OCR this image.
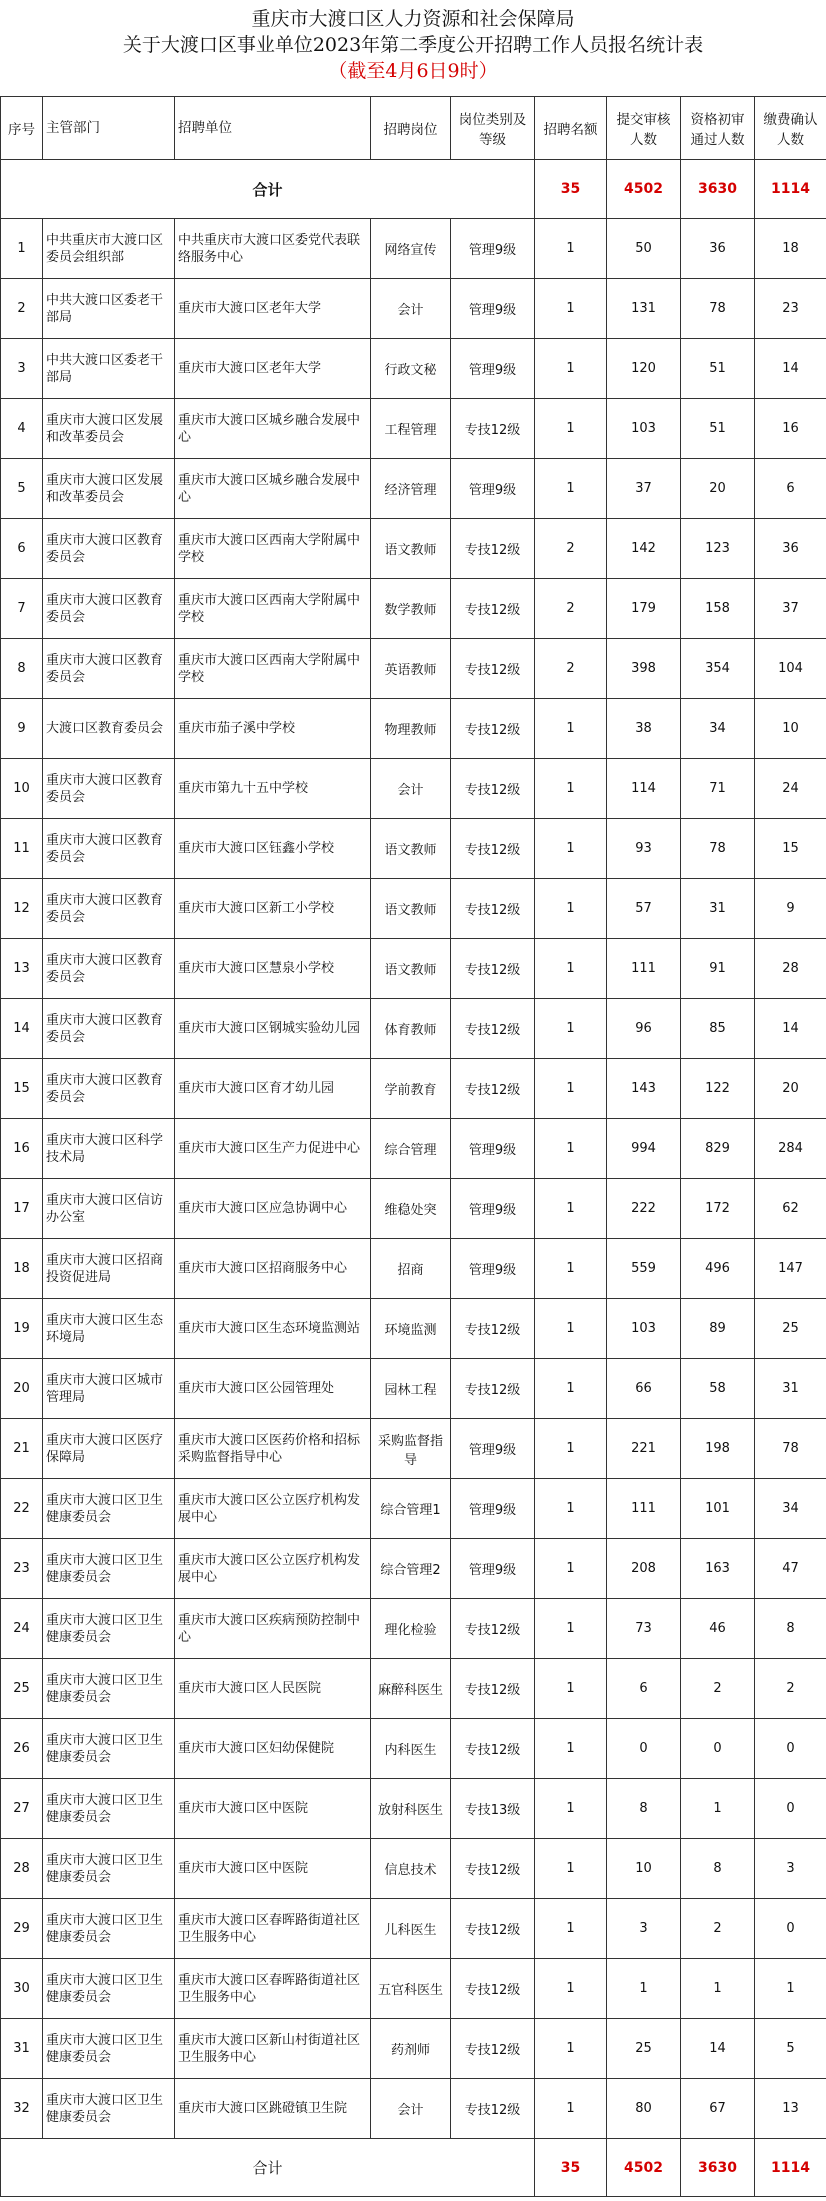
重庆市大渡口区人力资源和社会保障局
关于大渡口区事业单位2023年第二季度公开招聘工作人员报名统计表
（截至4月6日9时）
序号	主管部门	招聘单位	招聘岗位	岗位类别及等级	招聘名额	提交审核人数	资格初审通过人数	缴费确认人数
合计					35	4502	3630	1114
1	中共重庆市大渡口区委员会组织部	中共重庆市大渡口区委党代表联络服务中心	网络宣传	管理9级	1	50	36	18
2	中共大渡口区委老干部局	重庆市大渡口区老年大学	会计	管理9级	1	131	78	23
3	中共大渡口区委老干部局	重庆市大渡口区老年大学	行政文秘	管理9级	1	120	51	14
4	重庆市大渡口区发展和改革委员会	重庆市大渡口区城乡融合发展中心	工程管理	专技12级	1	103	51	16
5	重庆市大渡口区发展和改革委员会	重庆市大渡口区城乡融合发展中心	经济管理	管理9级	1	37	20	6
6	重庆市大渡口区教育委员会	重庆市大渡口区西南大学附属中学校	语文教师	专技12级	2	142	123	36
7	重庆市大渡口区教育委员会	重庆市大渡口区西南大学附属中学校	数学教师	专技12级	2	179	158	37
8	重庆市大渡口区教育委员会	重庆市大渡口区西南大学附属中学校	英语教师	专技12级	2	398	354	104
9	大渡口区教育委员会	重庆市茄子溪中学校	物理教师	专技12级	1	38	34	10
10	重庆市大渡口区教育委员会	重庆市第九十五中学校	会计	专技12级	1	114	71	24
11	重庆市大渡口区教育委员会	重庆市大渡口区钰鑫小学校	语文教师	专技12级	1	93	78	15
12	重庆市大渡口区教育委员会	重庆市大渡口区新工小学校	语文教师	专技12级	1	57	31	9
13	重庆市大渡口区教育委员会	重庆市大渡口区慧泉小学校	语文教师	专技12级	1	111	91	28
14	重庆市大渡口区教育委员会	重庆市大渡口区钢城实验幼儿园	体育教师	专技12级	1	96	85	14
15	重庆市大渡口区教育委员会	重庆市大渡口区育才幼儿园	学前教育	专技12级	1	143	122	20
16	重庆市大渡口区科学技术局	重庆市大渡口区生产力促进中心	综合管理	管理9级	1	994	829	284
17	重庆市大渡口区信访办公室	重庆市大渡口区应急协调中心	维稳处突	管理9级	1	222	172	62
18	重庆市大渡口区招商投资促进局	重庆市大渡口区招商服务中心	招商	管理9级	1	559	496	147
19	重庆市大渡口区生态环境局	重庆市大渡口区生态环境监测站	环境监测	专技12级	1	103	89	25
20	重庆市大渡口区城市管理局	重庆市大渡口区公园管理处	园林工程	专技12级	1	66	58	31
21	重庆市大渡口区医疗保障局	重庆市大渡口区医药价格和招标采购监督指导中心	采购监督指导	管理9级	1	221	198	78
22	重庆市大渡口区卫生健康委员会	重庆市大渡口区公立医疗机构发展中心	综合管理1	管理9级	1	111	101	34
23	重庆市大渡口区卫生健康委员会	重庆市大渡口区公立医疗机构发展中心	综合管理2	管理9级	1	208	163	47
24	重庆市大渡口区卫生健康委员会	重庆市大渡口区疾病预防控制中心	理化检验	专技12级	1	73	46	8
25	重庆市大渡口区卫生健康委员会	重庆市大渡口区人民医院	麻醉科医生	专技12级	1	6	2	2
26	重庆市大渡口区卫生健康委员会	重庆市大渡口区妇幼保健院	内科医生	专技12级	1	0	0	0
27	重庆市大渡口区卫生健康委员会	重庆市大渡口区中医院	放射科医生	专技13级	1	8	1	0
28	重庆市大渡口区卫生健康委员会	重庆市大渡口区中医院	信息技术	专技12级	1	10	8	3
29	重庆市大渡口区卫生健康委员会	重庆市大渡口区春晖路街道社区卫生服务中心	儿科医生	专技12级	1	3	2	0
30	重庆市大渡口区卫生健康委员会	重庆市大渡口区春晖路街道社区卫生服务中心	五官科医生	专技12级	1	1	1	1
31	重庆市大渡口区卫生健康委员会	重庆市大渡口区新山村街道社区卫生服务中心	药剂师	专技12级	1	25	14	5
32	重庆市大渡口区卫生健康委员会	重庆市大渡口区跳磴镇卫生院	会计	专技12级	1	80	67	13
合计					35	4502	3630	1114
